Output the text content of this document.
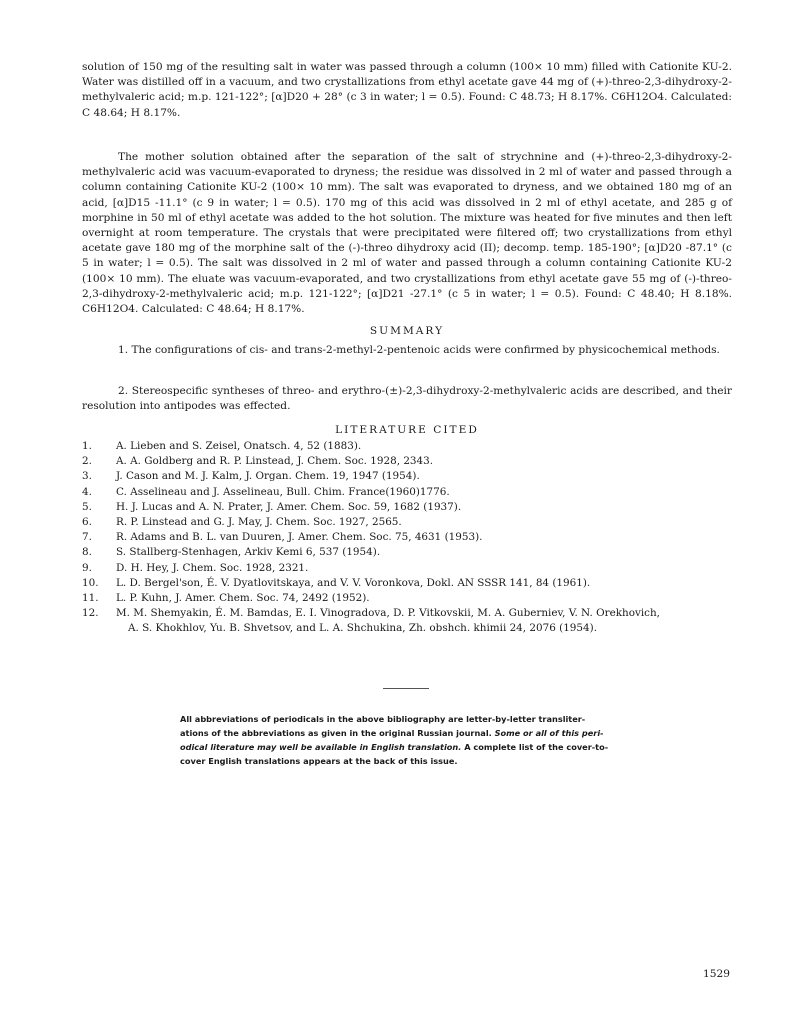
solution of 150 mg of the resulting salt in water was passed through a column (100× 10 mm) filled with Cationite KU-2. Water was distilled off in a vacuum, and two crystallizations from ethyl acetate gave 44 mg of (+)-threo-2,3-dihydroxy-2-methylvaleric acid; m.p. 121-122°; [α]D20 + 28° (c 3 in water; l = 0.5). Found: C 48.73; H 8.17%. C6H12O4. Calculated: C 48.64; H 8.17%.

The mother solution obtained after the separation of the salt of strychnine and (+)-threo-2,3-dihydroxy-2-methylvaleric acid was vacuum-evaporated to dryness; the residue was dissolved in 2 ml of water and passed through a column containing Cationite KU-2 (100× 10 mm). The salt was evaporated to dryness, and we obtained 180 mg of an acid, [α]D15 -11.1° (c 9 in water; l = 0.5). 170 mg of this acid was dissolved in 2 ml of ethyl acetate, and 285 g of morphine in 50 ml of ethyl acetate was added to the hot solution. The mixture was heated for five minutes and then left overnight at room temperature. The crystals that were precipitated were filtered off; two crystallizations from ethyl acetate gave 180 mg of the morphine salt of the (-)-threo dihydroxy acid (II); decomp. temp. 185-190°; [α]D20 -87.1° (c 5 in water; l = 0.5). The salt was dissolved in 2 ml of water and passed through a column containing Cationite KU-2 (100× 10 mm). The eluate was vacuum-evaporated, and two crystallizations from ethyl acetate gave 55 mg of (-)-threo-2,3-dihydroxy-2-methylvaleric acid; m.p. 121-122°; [α]D21 -27.1° (c 5 in water; l = 0.5). Found: C 48.40; H 8.18%. C6H12O4. Calculated: C 48.64; H 8.17%.

SUMMARY

1. The configurations of cis- and trans-2-methyl-2-pentenoic acids were confirmed by physicochemical methods.

2. Stereospecific syntheses of threo- and erythro-(±)-2,3-dihydroxy-2-methylvaleric acids are described, and their resolution into antipodes was effected.

LITERATURE CITED
1.	A. Lieben and S. Zeisel, Onatsch. 4, 52 (1883).
2.	A. A. Goldberg and R. P. Linstead, J. Chem. Soc. 1928, 2343.
3.	J. Cason and M. J. Kalm, J. Organ. Chem. 19, 1947 (1954).
4.	C. Asselineau and J. Asselineau, Bull. Chim. France(1960)1776.
5.	H. J. Lucas and A. N. Prater, J. Amer. Chem. Soc. 59, 1682 (1937).
6.	R. P. Linstead and G. J. May, J. Chem. Soc. 1927, 2565.
7.	R. Adams and B. L. van Duuren, J. Amer. Chem. Soc. 75, 4631 (1953).
8.	S. Stallberg-Stenhagen, Arkiv Kemi 6, 537 (1954).
9.	D. H. Hey, J. Chem. Soc. 1928, 2321.
10.	L. D. Bergel'son, É. V. Dyatlovitskaya, and V. V. Voronkova, Dokl. AN SSSR 141, 84 (1961).
11.	L. P. Kuhn, J. Amer. Chem. Soc. 74, 2492 (1952).
12.	M. M. Shemyakin, É. M. Bamdas, E. I. Vinogradova, D. P. Vitkovskii, M. A. Guberniev, V. N. Orekhovich,
A. S. Khokhlov, Yu. B. Shvetsov, and L. A. Shchukina, Zh. obshch. khimii 24, 2076 (1954).
All abbreviations of periodicals in the above bibliography are letter-by-letter transliter-
ations of the abbreviations as given in the original Russian journal. Some or all of this peri-
odical literature may well be available in English translation. A complete list of the cover-to-
cover English translations appears at the back of this issue.
1529
